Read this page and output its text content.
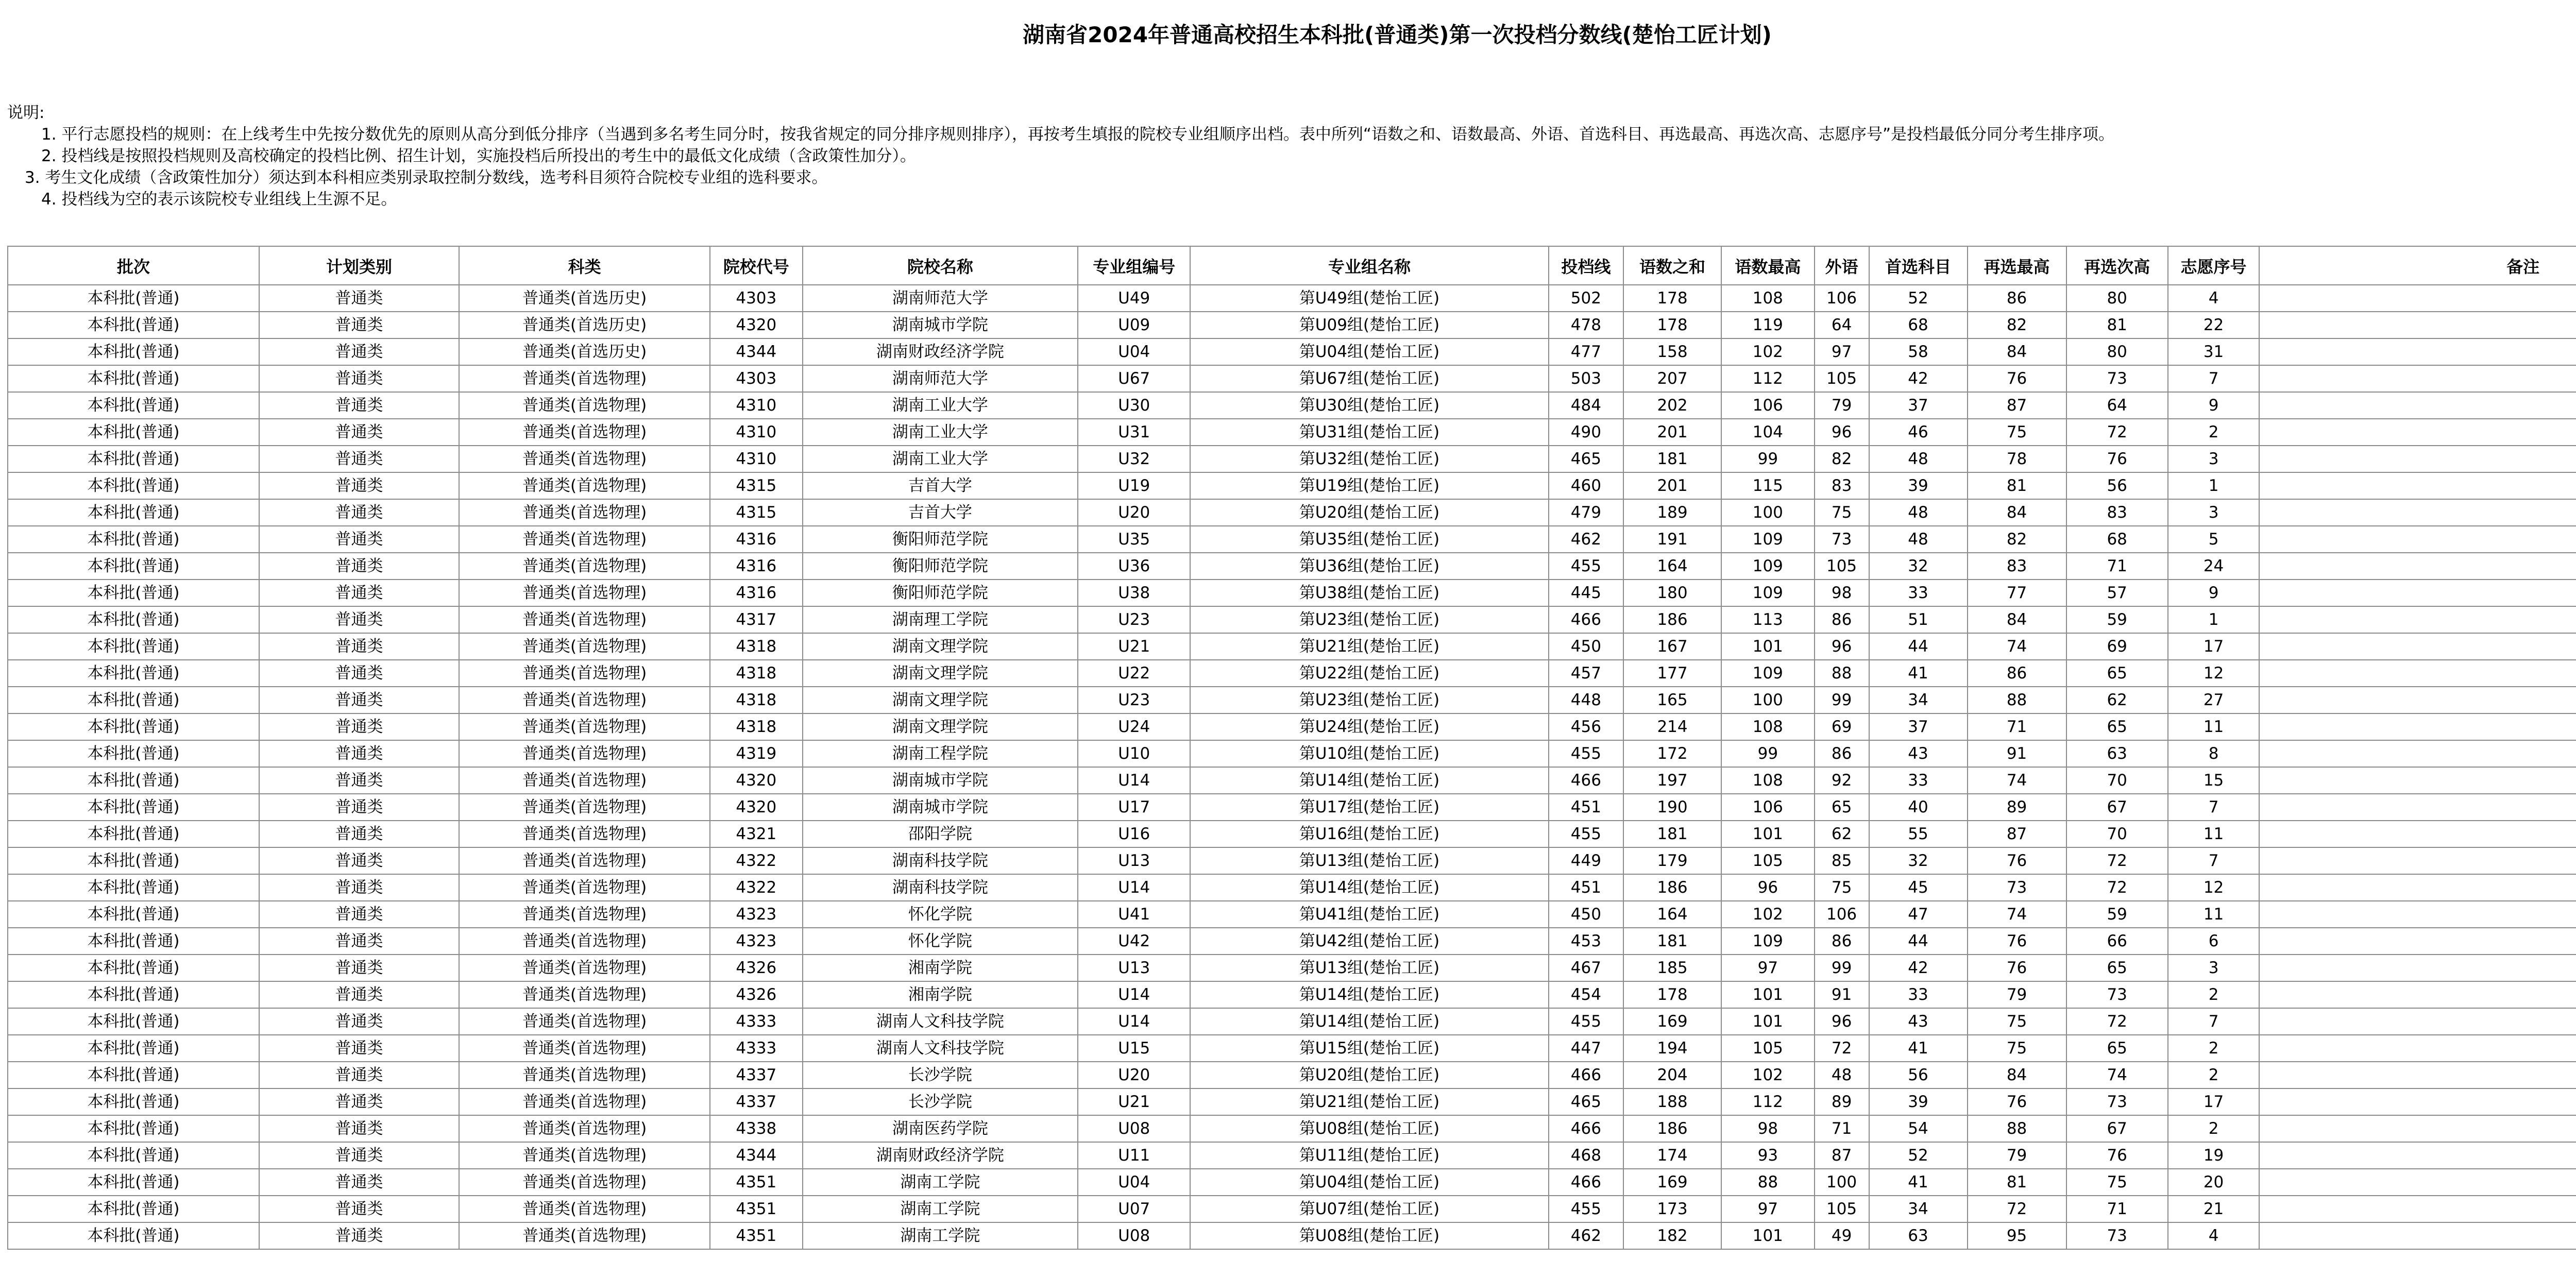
湖南省2024年普通高校招生本科批(普通类)第一次投档分数线(楚怡工匠计划)
说明:
1. 平行志愿投档的规则：在上线考生中先按分数优先的原则从高分到低分排序（当遇到多名考生同分时，按我省规定的同分排序规则排序），再按考生填报的院校专业组顺序出档。表中所列“语数之和、语数最高、外语、首选科目、再选最高、再选次高、志愿序号”是投档最低分同分考生排序项。
2. 投档线是按照投档规则及高校确定的投档比例、招生计划，实施投档后所投出的考生中的最低文化成绩（含政策性加分）。
3. 考生文化成绩（含政策性加分）须达到本科相应类别录取控制分数线，选考科目须符合院校专业组的选科要求。
4. 投档线为空的表示该院校专业组线上生源不足。
批次	计划类别	科类	院校代号	院校名称	专业组编号	专业组名称	投档线	语数之和	语数最高	外语	首选科目	再选最高	再选次高	志愿序号	备注
本科批(普通)	普通类	普通类(首选历史)	4303	湖南师范大学	U49	第U49组(楚怡工匠)	502	178	108	106	52	86	80	4	
本科批(普通)	普通类	普通类(首选历史)	4320	湖南城市学院	U09	第U09组(楚怡工匠)	478	178	119	64	68	82	81	22	
本科批(普通)	普通类	普通类(首选历史)	4344	湖南财政经济学院	U04	第U04组(楚怡工匠)	477	158	102	97	58	84	80	31	
本科批(普通)	普通类	普通类(首选物理)	4303	湖南师范大学	U67	第U67组(楚怡工匠)	503	207	112	105	42	76	73	7	
本科批(普通)	普通类	普通类(首选物理)	4310	湖南工业大学	U30	第U30组(楚怡工匠)	484	202	106	79	37	87	64	9	
本科批(普通)	普通类	普通类(首选物理)	4310	湖南工业大学	U31	第U31组(楚怡工匠)	490	201	104	96	46	75	72	2	
本科批(普通)	普通类	普通类(首选物理)	4310	湖南工业大学	U32	第U32组(楚怡工匠)	465	181	99	82	48	78	76	3	
本科批(普通)	普通类	普通类(首选物理)	4315	吉首大学	U19	第U19组(楚怡工匠)	460	201	115	83	39	81	56	1	
本科批(普通)	普通类	普通类(首选物理)	4315	吉首大学	U20	第U20组(楚怡工匠)	479	189	100	75	48	84	83	3	
本科批(普通)	普通类	普通类(首选物理)	4316	衡阳师范学院	U35	第U35组(楚怡工匠)	462	191	109	73	48	82	68	5	
本科批(普通)	普通类	普通类(首选物理)	4316	衡阳师范学院	U36	第U36组(楚怡工匠)	455	164	109	105	32	83	71	24	
本科批(普通)	普通类	普通类(首选物理)	4316	衡阳师范学院	U38	第U38组(楚怡工匠)	445	180	109	98	33	77	57	9	
本科批(普通)	普通类	普通类(首选物理)	4317	湖南理工学院	U23	第U23组(楚怡工匠)	466	186	113	86	51	84	59	1	
本科批(普通)	普通类	普通类(首选物理)	4318	湖南文理学院	U21	第U21组(楚怡工匠)	450	167	101	96	44	74	69	17	
本科批(普通)	普通类	普通类(首选物理)	4318	湖南文理学院	U22	第U22组(楚怡工匠)	457	177	109	88	41	86	65	12	
本科批(普通)	普通类	普通类(首选物理)	4318	湖南文理学院	U23	第U23组(楚怡工匠)	448	165	100	99	34	88	62	27	
本科批(普通)	普通类	普通类(首选物理)	4318	湖南文理学院	U24	第U24组(楚怡工匠)	456	214	108	69	37	71	65	11	
本科批(普通)	普通类	普通类(首选物理)	4319	湖南工程学院	U10	第U10组(楚怡工匠)	455	172	99	86	43	91	63	8	
本科批(普通)	普通类	普通类(首选物理)	4320	湖南城市学院	U14	第U14组(楚怡工匠)	466	197	108	92	33	74	70	15	
本科批(普通)	普通类	普通类(首选物理)	4320	湖南城市学院	U17	第U17组(楚怡工匠)	451	190	106	65	40	89	67	7	
本科批(普通)	普通类	普通类(首选物理)	4321	邵阳学院	U16	第U16组(楚怡工匠)	455	181	101	62	55	87	70	11	
本科批(普通)	普通类	普通类(首选物理)	4322	湖南科技学院	U13	第U13组(楚怡工匠)	449	179	105	85	32	76	72	7	
本科批(普通)	普通类	普通类(首选物理)	4322	湖南科技学院	U14	第U14组(楚怡工匠)	451	186	96	75	45	73	72	12	
本科批(普通)	普通类	普通类(首选物理)	4323	怀化学院	U41	第U41组(楚怡工匠)	450	164	102	106	47	74	59	11	
本科批(普通)	普通类	普通类(首选物理)	4323	怀化学院	U42	第U42组(楚怡工匠)	453	181	109	86	44	76	66	6	
本科批(普通)	普通类	普通类(首选物理)	4326	湘南学院	U13	第U13组(楚怡工匠)	467	185	97	99	42	76	65	3	
本科批(普通)	普通类	普通类(首选物理)	4326	湘南学院	U14	第U14组(楚怡工匠)	454	178	101	91	33	79	73	2	
本科批(普通)	普通类	普通类(首选物理)	4333	湖南人文科技学院	U14	第U14组(楚怡工匠)	455	169	101	96	43	75	72	7	
本科批(普通)	普通类	普通类(首选物理)	4333	湖南人文科技学院	U15	第U15组(楚怡工匠)	447	194	105	72	41	75	65	2	
本科批(普通)	普通类	普通类(首选物理)	4337	长沙学院	U20	第U20组(楚怡工匠)	466	204	102	48	56	84	74	2	
本科批(普通)	普通类	普通类(首选物理)	4337	长沙学院	U21	第U21组(楚怡工匠)	465	188	112	89	39	76	73	17	
本科批(普通)	普通类	普通类(首选物理)	4338	湖南医药学院	U08	第U08组(楚怡工匠)	466	186	98	71	54	88	67	2	
本科批(普通)	普通类	普通类(首选物理)	4344	湖南财政经济学院	U11	第U11组(楚怡工匠)	468	174	93	87	52	79	76	19	
本科批(普通)	普通类	普通类(首选物理)	4351	湖南工学院	U04	第U04组(楚怡工匠)	466	169	88	100	41	81	75	20	
本科批(普通)	普通类	普通类(首选物理)	4351	湖南工学院	U07	第U07组(楚怡工匠)	455	173	97	105	34	72	71	21	
本科批(普通)	普通类	普通类(首选物理)	4351	湖南工学院	U08	第U08组(楚怡工匠)	462	182	101	49	63	95	73	4	
